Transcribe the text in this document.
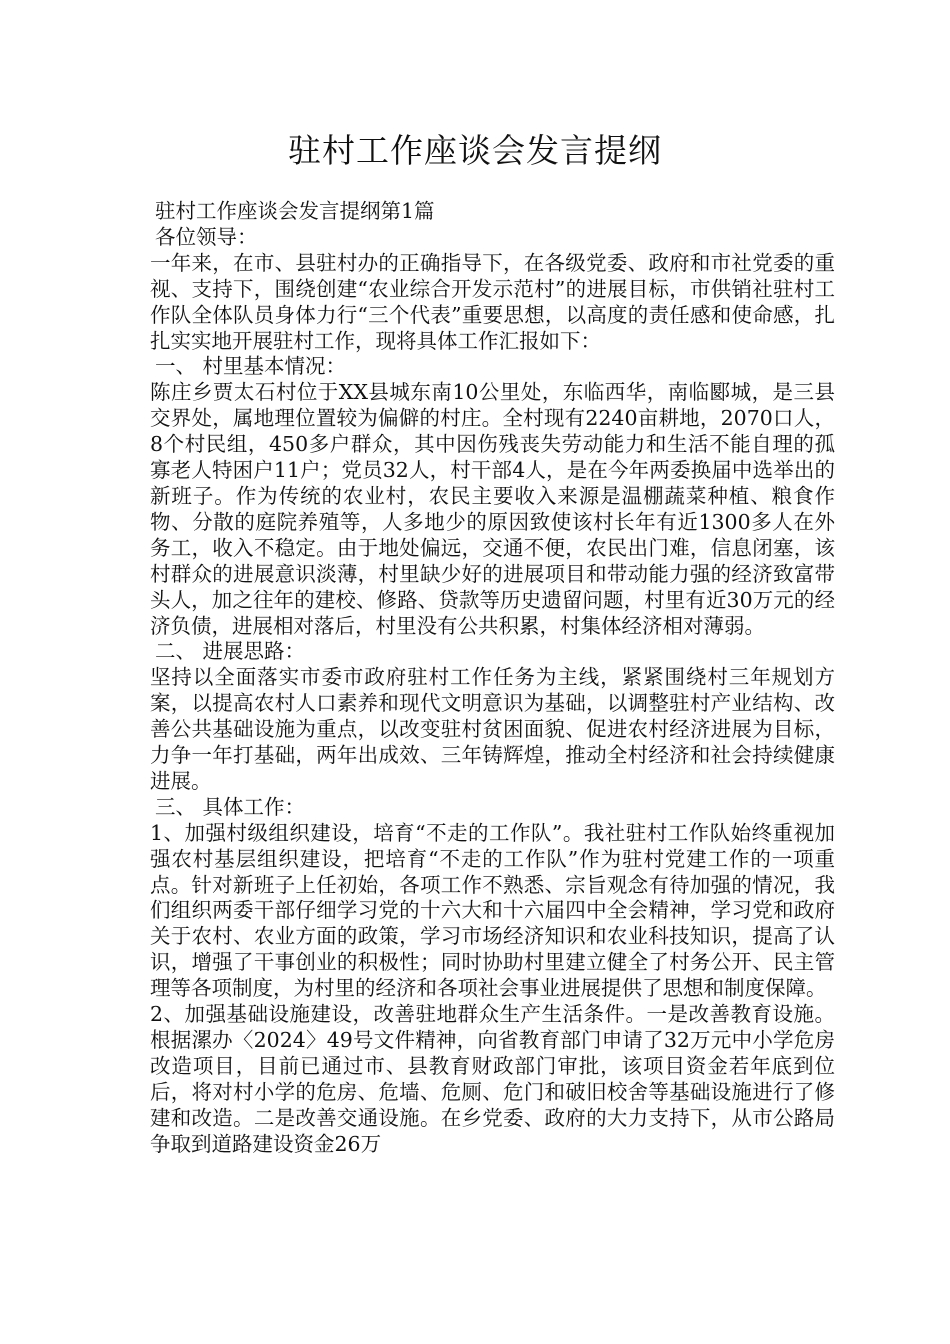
驻村工作座谈会发言提纲

驻村工作座谈会发言提纲第1篇

各位领导：

一年来，在市、县驻村办的正确指导下，在各级党委、政府和市社党委的重视、支持下，围绕创建“农业综合开发示范村”的进展目标，市供销社驻村工作队全体队员身体力行“三个代表”重要思想，以高度的责任感和使命感，扎扎实实地开展驻村工作，现将具体工作汇报如下：

一、 村里基本情况：

陈庄乡贾太石村位于XX县城东南10公里处，东临西华，南临郾城，是三县交界处，属地理位置较为偏僻的村庄。全村现有2240亩耕地，2070口人，8个村民组，450多户群众，其中因伤残丧失劳动能力和生活不能自理的孤寡老人特困户11户；党员32人，村干部4人，是在今年两委换届中选举出的新班子。作为传统的农业村，农民主要收入来源是温棚蔬菜种植、粮食作物、分散的庭院养殖等，人多地少的原因致使该村长年有近1300多人在外务工，收入不稳定。由于地处偏远，交通不便，农民出门难，信息闭塞，该村群众的进展意识淡薄，村里缺少好的进展项目和带动能力强的经济致富带头人，加之往年的建校、修路、贷款等历史遗留问题，村里有近30万元的经济负债，进展相对落后，村里没有公共积累，村集体经济相对薄弱。

二、 进展思路：

坚持以全面落实市委市政府驻村工作任务为主线，紧紧围绕村三年规划方案，以提高农村人口素养和现代文明意识为基础，以调整驻村产业结构、改善公共基础设施为重点，以改变驻村贫困面貌、促进农村经济进展为目标，力争一年打基础，两年出成效、三年铸辉煌，推动全村经济和社会持续健康进展。

三、 具体工作：

1、加强村级组织建设，培育“不走的工作队”。我社驻村工作队始终重视加强农村基层组织建设，把培育“不走的工作队”作为驻村党建工作的一项重点。针对新班子上任初始，各项工作不熟悉、宗旨观念有待加强的情况，我们组织两委干部仔细学习党的十六大和十六届四中全会精神，学习党和政府关于农村、农业方面的政策，学习市场经济知识和农业科技知识，提高了认识，增强了干事创业的积极性；同时协助村里建立健全了村务公开、民主管理等各项制度，为村里的经济和各项社会事业进展提供了思想和制度保障。

2、加强基础设施建设，改善驻地群众生产生活条件。一是改善教育设施。根据漯办〈2024〉49号文件精神，向省教育部门申请了32万元中小学危房改造项目，目前已通过市、县教育财政部门审批，该项目资金若年底到位后，将对村小学的危房、危墙、危厕、危门和破旧校舍等基础设施进行了修建和改造。二是改善交通设施。在乡党委、政府的大力支持下，从市公路局争取到道路建设资金26万
